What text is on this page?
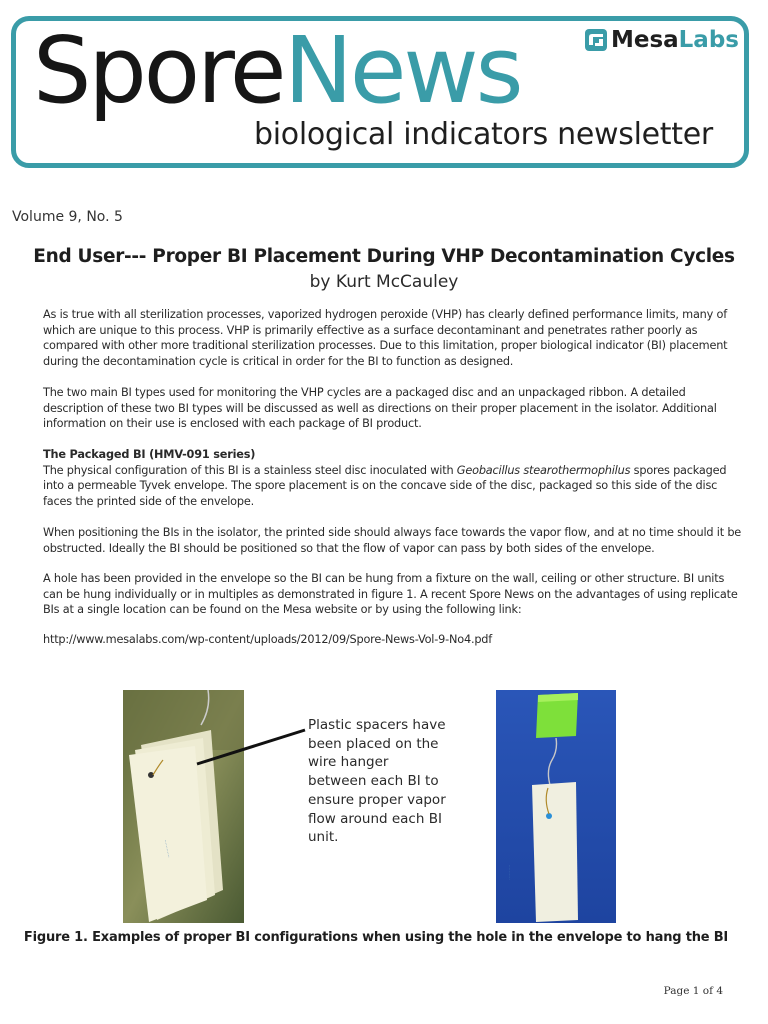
Spore News
biological indicators newsletter
Mesa Labs
Volume 9, No. 5
End User--- Proper BI Placement During VHP Decontamination Cycles
by Kurt McCauley

As is true with all sterilization processes, vaporized hydrogen peroxide (VHP) has clearly defined performance limits, many of which are unique to this process. VHP is primarily effective as a surface decontaminant and penetrates rather poorly as compared with other more traditional sterilization processes. Due to this limitation, proper biological indicator (BI) placement during the decontamination cycle is critical in order for the BI to function as designed.

The two main BI types used for monitoring the VHP cycles are a packaged disc and an unpackaged ribbon. A detailed description of these two BI types will be discussed as well as directions on their proper placement in the isolator. Additional information on their use is enclosed with each package of BI product.

The Packaged BI (HMV-091 series)

The physical configuration of this BI is a stainless steel disc inoculated with Geobacillus stearothermophilus spores packaged into a permeable Tyvek envelope. The spore placement is on the concave side of the disc, packaged so this side of the disc faces the printed side of the envelope.

When positioning the BIs in the isolator, the printed side should always face towards the vapor flow, and at no time should it be obstructed. Ideally the BI should be positioned so that the flow of vapor can pass by both sides of the envelope.

A hole has been provided in the envelope so the BI can be hung from a fixture on the wall, ceiling or other structure. BI units can be hung individually or in multiples as demonstrated in figure 1. A recent Spore News on the advantages of using replicate BIs at a single location can be found on the Mesa website or by using the following link:

http://www.mesalabs.com/wp-content/uploads/2012/09/Spore-News-Vol-9-No4.pdf
ᐧᐧᐧᐧᐧᐧᐧᐧᐧᐧᐧᐧ
Plastic spacers have been placed on the wire hanger between each BI to ensure proper vapor flow around each BI unit.
ᐧᐧᐧᐧᐧᐧᐧᐧᐧᐧ
Figure 1. Examples of proper BI configurations when using the hole in the envelope to hang the BI
Page 1 of 4
